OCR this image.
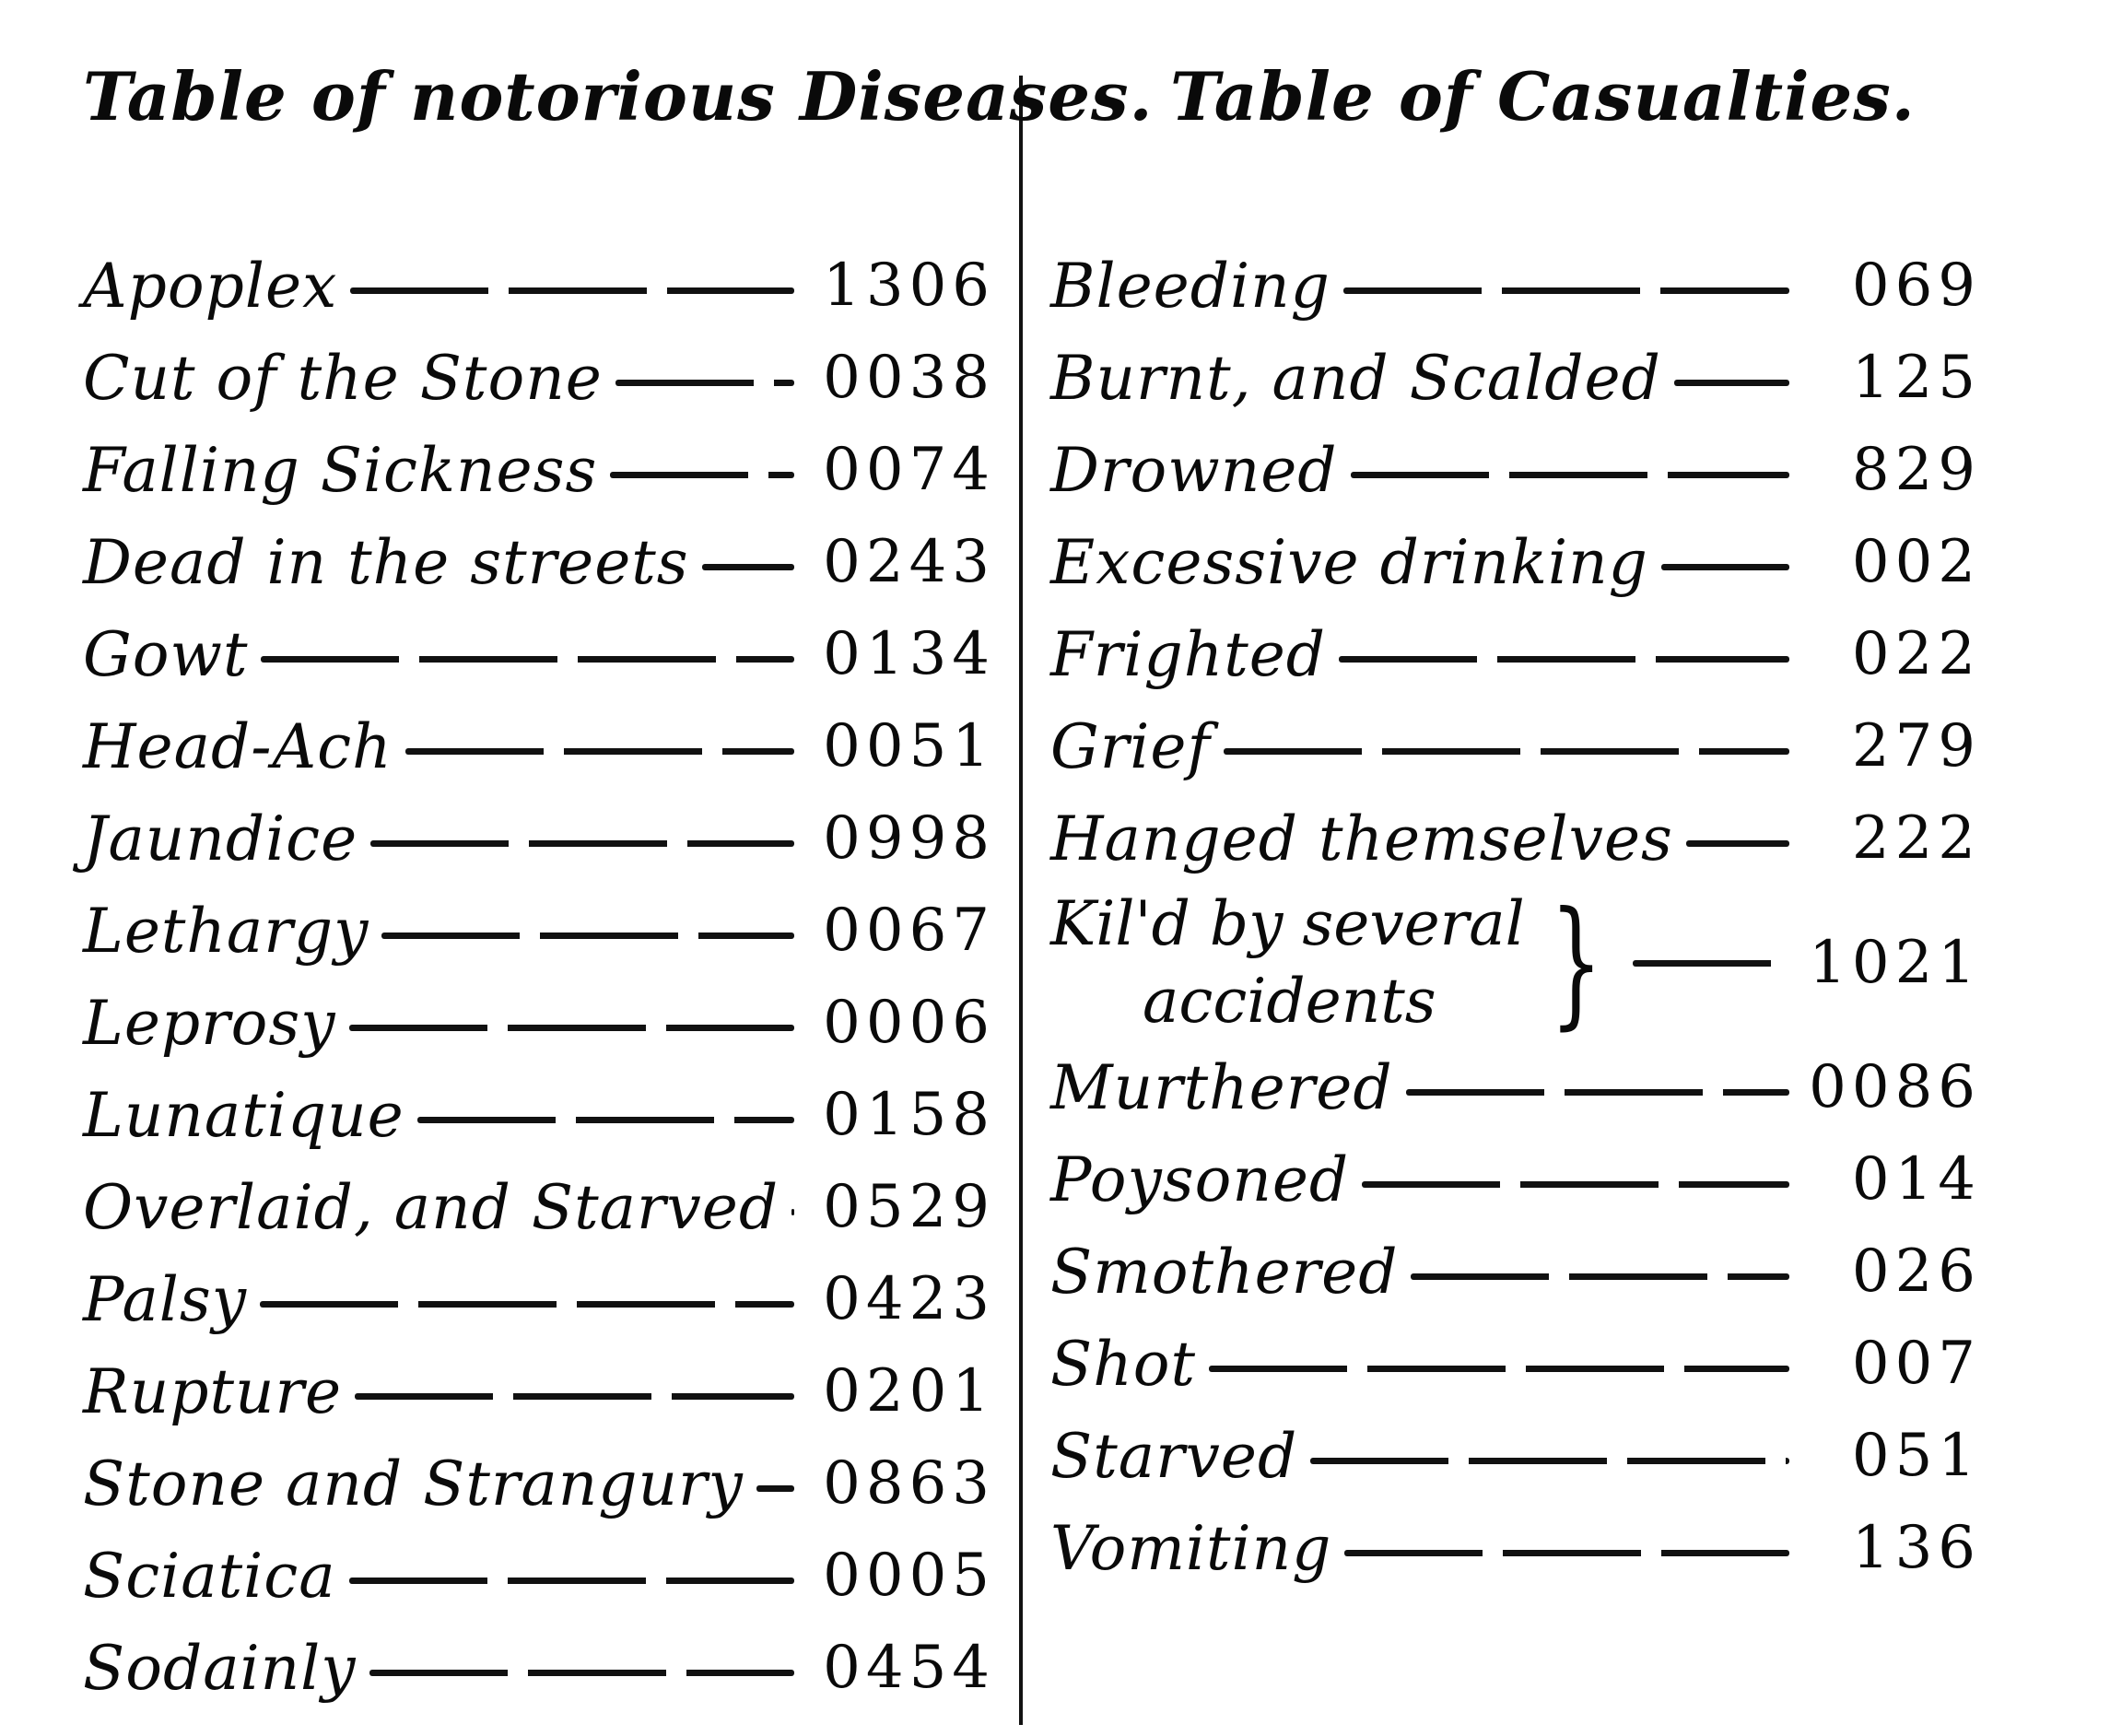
Table of notorious Diseases.
Apoplex	1306
Cut of the Stone	0038
Falling Sickness	0074
Dead in the streets 0243
Gowt	0134
Head-Ach	0051
Jaundice	0998
Lethargy	0067
Leprosy	0006
Lunatique	0158
Overlaid, and Starved 0529
Palsy	0423
Rupture	0201
Stone and Strangury 0863
Sciatica	0005
Sodainly	0454
Table of Casualties.
Bleeding	069
Burnt, and Scalded	125
Drowned	829
Excessive drinking	002
Frighted	022
Grief	279
Hanged themselves	222
Kil'd by several
accidents }	1021
Murthered	0086
Poysoned	014
Smothered	026
Shot	007
Starved	051
Vomiting	136
